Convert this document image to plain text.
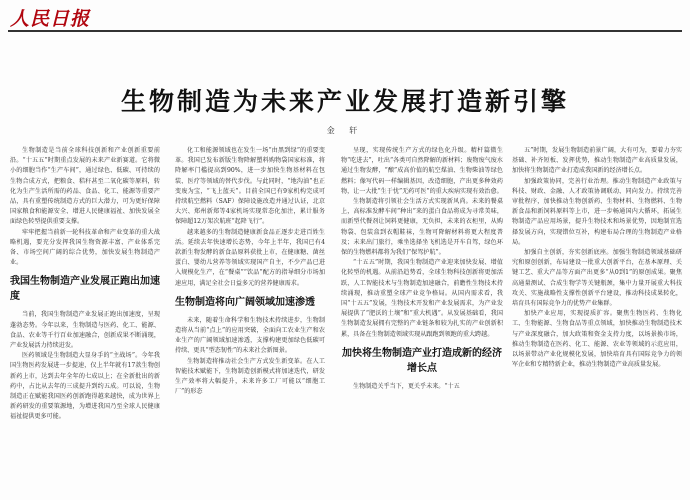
人民日报
生物制造为未来产业发展打造新引擎
金 轩

生物制造是当前全球科技创新和产业创新重要前沿。“十五五”时期重点发展的未来产业新赛道。它将微小的细胞当作“生产车间”，通过绿色、低碳、可持续的生物合成方式，把粮食、秸秆甚至二氧化碳等原料，转化为生产生活所需的药品、食品、化工、能源等重要产品，具有重塑传统制造方式的巨大潜力，可为更好保障国家粮食和能源安全、增进人民健康福祉、加快发展全面绿色转型提供重要支撑。

牢牢把握当前新一轮科技革命和产业变革的重大战略机遇，要充分发挥我国生物资源丰富、产业体系完备、市场空间广阔的综合优势，加快发展生物制造产业。

我国生物制造产业发展正跑出加速度

当前，我国生物制造产业发展正跑出加速度，呈现蓬勃态势。今年以来，生物制造与医药、化工、能源、食品、农业等千行百业加速融合，创新成果不断涌现，产业发展活力持续迸发。

医药领域是生物制造大显身手的“主战场”。今年我国生物医药发展进一步提速，仅上半年就有17款生物创新药上市，达到去年全年的七成以上；在全新批出的新药中，占比从去年的三成提升到约五成。可以说，生物制造正在赋能我国医药创新跑得越来越快，成为世界上新药研发的重要策源地，为增进我国乃至全球人民健康福祉提供更多可能。

化工和能源领域也在发生一场“由黑到绿”的重要变革。我国已发布新版生物降解塑料购物袋国家标准，将降解率门槛提高到90%，进一步加快生物基材料在包装、医疗等领域的替代步伐。与此同时，“地沟油”也正变废为宝，“飞上蓝天”。目前全国已有9家机构完成可持续航空燃料（SAF）保障设施改造并通过认证，北京大兴、郑州新郑等4家机场实现常态化加注，累计服务保障超12万架次航班“起降飞行”。

越来越多的生物制造健康新食品正逐步走进百姓生活。延续去年快速增长态势，今年上半年，我国已有4款新生物发酵的新食品原料获批上市，在健康糖、菌丝蛋白、婴幼儿营养等领域实现国产自主，不少产品已进入规模化生产，在“餐桌”“饮品”配方的指导细分市场加速应用，满足全社会日益多元的营养健康需求。

生物制造将向广阔领域加速渗透

未来，随着生命科学和生物技术持续进步，生物制造将从当前“点上”的应用突破，全面向工农业生产和农业生产的广阔领域加速渗透，支撑构建更加绿色低碳可持续、更具“型态韧性”的未来社会新图景。

生物制造将推动社会生产方式发生新变革。在人工智能技术赋能下，生物制造创新模式将加速迭代，研发生产效率将大幅提升，未来许多工厂可能以“细胞工厂”的形态

呈现，实现传统生产方式的绿色化升级。精杆篇微生物“吃进去”，吐出“各类可自然降解的新材料；废物废气废水通过生物发酵，“酿”成高价值的航空煤油、生物柴油等绿色燃料；像写代码一样编辑基因，改造细胞，产出更多种效药物，让一大批“生于忧”无药可医”的重大疾病实现有效治愈。

生物制造将引领社会生活方式实现新风尚。未来的餐桌上，高标准发酵车间“种出”来的蛋白食品将成为寻常美味，而新型代餐剂让饲料更健康，无负担，未来的衣柜里，从购物袋、包装盒到衣帽鞋袜，生物可降解材料将更大程度普及；未来出门旅行，乘坐选择坐飞机选是开车自驾，绿色环保的生物燃料都将为我们“保驾护航”。

“十五五”时期，我国生物制造产业迎来加快发展、增值化转型的机遇。从前沿趋势看，全球生物科技创新将更加活跃，人工智能技术与生物制造加速融合，前瞻性生物技术持续涌现，推动重塑全球产业竞争格局。从国内需求看，我国“十五五”发展，生物技术开发和产业发展需求，为产业发展提供了“肥沃的土壤”和“重大机遇”。从发展基础看，我国生物制造发展拥有完整的产业链条和较为扎实的产业创新积累，具备在生物制造领域实现从跟跑到领跑的重大跨越。

加快将生物制造产业打造成新的经济增长点

生物制造关乎当下，更关乎未来。“十五

五”时期，发展生物制造前景广阔，大有可为，要着力夯实基础、补齐短板、发挥优势，推动生物制造产业高质量发展，加快将生物制造产业打造成我国新的经济增长点。

加强政策协同，完善行业治理。推动生物制造产业政策与科技、财政、金融、人才政策协调联动、同向发力。持续完善审批程序，加快推动生物创新药、生物材料、生物燃料、生物新食品和新饲料原料等上市，进一步畅通国内大循环，拓展生物制造产品应用场景，提升生物技术和场景优势，因地制宜选择发展方向，实现错位互补，构建布局合理的生物制造产业格局。

加强自主创新，夯实创新底座。加强生物制造领域基础研究和原创创新，布局建设一批重大创新平台，在基本原理、关键工艺、重大产品等方面产出更多“从0到1”的原创成果。聚焦高通量测试、合成生物学等关键瓶颈，集中力量开展重大科技攻关、实施战略性支撑性创新平台建设，推动科技成果转化，培育具有国际竞争力的优势产业集群。

加快产业应用，实现提质扩容。聚焦生物医药、生物化工、生物能源、生物食品等重点领域，加快推动生物制造技术与产业深度融合，加大政策和资金支持力度，以场景换市场，推动生物制造在医药、化工、能源、农业等领域的示范应用，以场景带动产业化规模化发展，加快培育具有国际竞争力的领军企业和专精特新企业，推动生物制造产业高质量发展。
